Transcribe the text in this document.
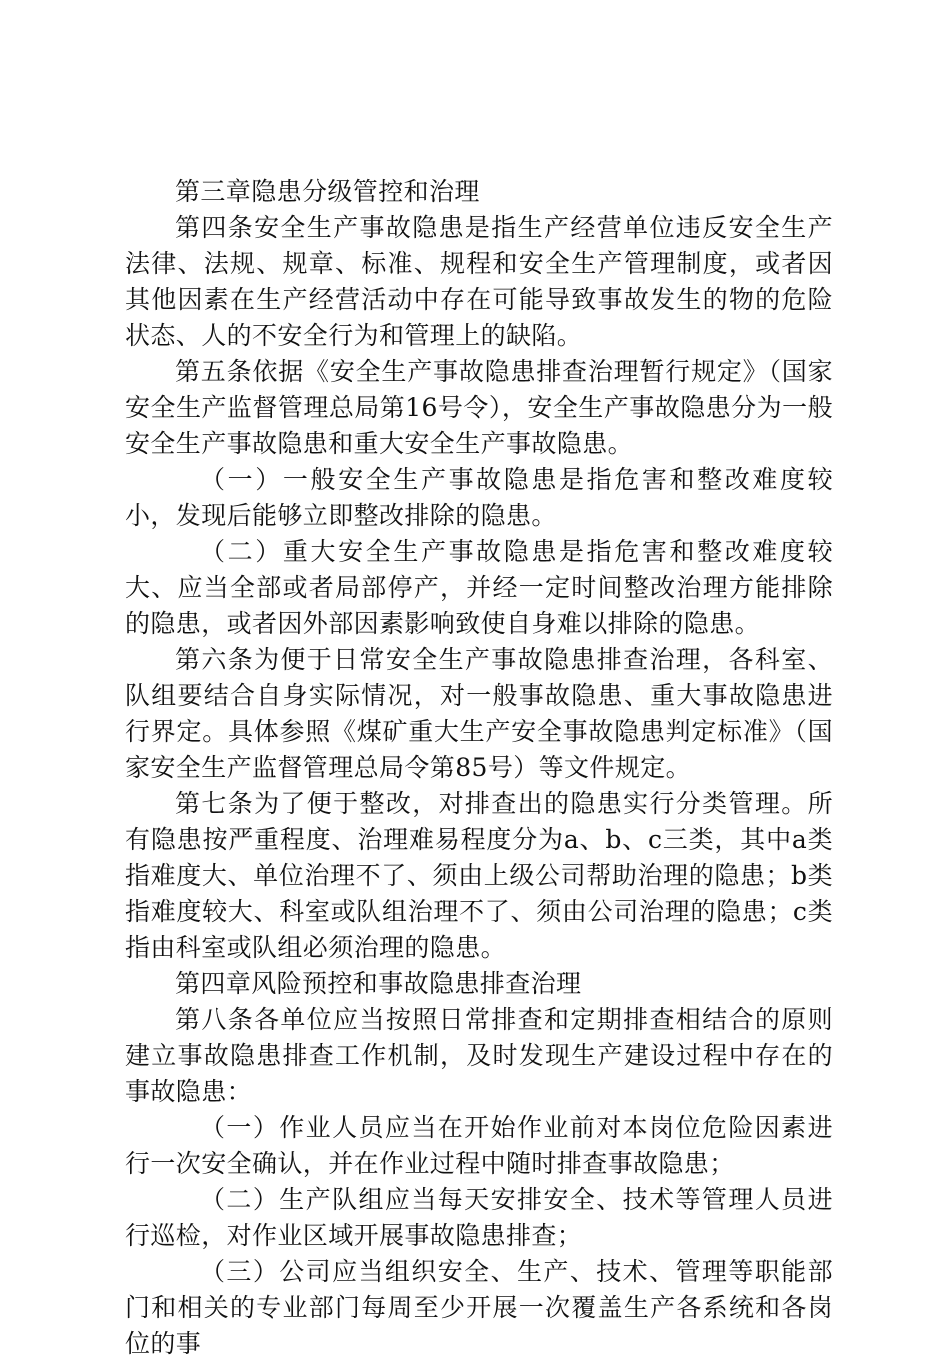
第三章隐患分级管控和治理

第四条安全生产事故隐患是指生产经营单位违反安全生产法律、法规、规章、标准、规程和安全生产管理制度，或者因其他因素在生产经营活动中存在可能导致事故发生的物的危险状态、人的不安全行为和管理上的缺陷。

第五条依据《安全生产事故隐患排查治理暂行规定》（国家安全生产监督管理总局第16号令），安全生产事故隐患分为一般安全生产事故隐患和重大安全生产事故隐患。

（一）一般安全生产事故隐患是指危害和整改难度较小，发现后能够立即整改排除的隐患。

（二）重大安全生产事故隐患是指危害和整改难度较大、应当全部或者局部停产，并经一定时间整改治理方能排除的隐患，或者因外部因素影响致使自身难以排除的隐患。

第六条为便于日常安全生产事故隐患排查治理，各科室、队组要结合自身实际情况，对一般事故隐患、重大事故隐患进行界定。具体参照《煤矿重大生产安全事故隐患判定标准》（国家安全生产监督管理总局令第85号）等文件规定。

第七条为了便于整改，对排查出的隐患实行分类管理。所有隐患按严重程度、治理难易程度分为a、b、c三类，其中a类指难度大、单位治理不了、须由上级公司帮助治理的隐患；b类指难度较大、科室或队组治理不了、须由公司治理的隐患；c类指由科室或队组必须治理的隐患。

第四章风险预控和事故隐患排查治理

第八条各单位应当按照日常排查和定期排查相结合的原则建立事故隐患排查工作机制，及时发现生产建设过程中存在的事故隐患：

（一）作业人员应当在开始作业前对本岗位危险因素进行一次安全确认，并在作业过程中随时排查事故隐患；

（二）生产队组应当每天安排安全、技术等管理人员进行巡检，对作业区域开展事故隐患排查；

（三）公司应当组织安全、生产、技术、管理等职能部门和相关的专业部门每周至少开展一次覆盖生产各系统和各岗位的事
